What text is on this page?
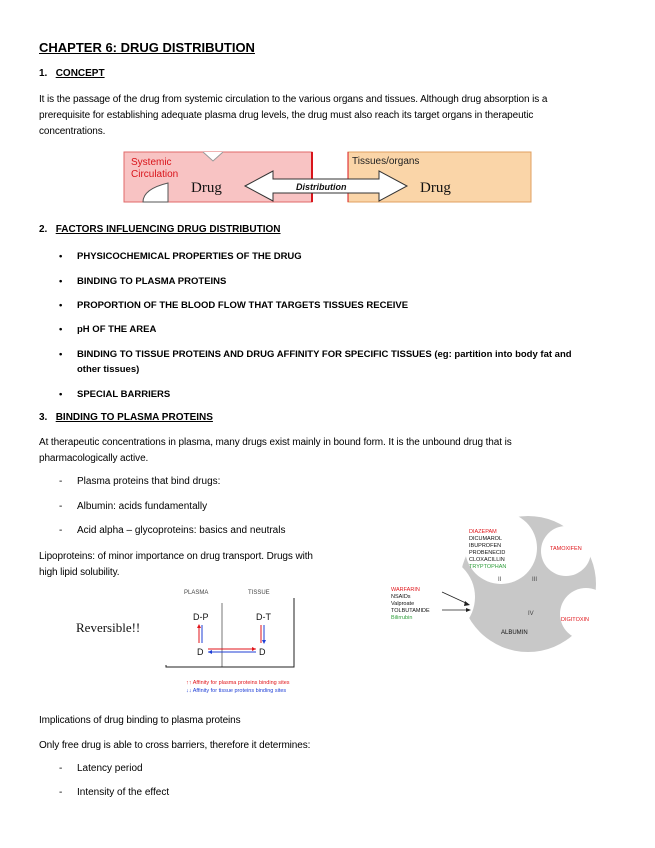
CHAPTER 6: DRUG DISTRIBUTION
1. CONCEPT
It is the passage of the drug from systemic circulation to the various organs and tissues. Although drug absorption is a
prerequisite for establishing adequate plasma drug levels, the drug must also reach its target organs in therapeutic
concentrations.
Systemic
Circulation
Drug
Tissues/organs
Drug
Distribution
2. FACTORS INFLUENCING DRUG DISTRIBUTION
• PHYSICOCHEMICAL PROPERTIES OF THE DRUG
• BINDING TO PLASMA PROTEINS
• PROPORTION OF THE BLOOD FLOW THAT TARGETS TISSUES RECEIVE
• pH OF THE AREA
• BINDING TO TISSUE PROTEINS AND DRUG AFFINITY FOR SPECIFIC TISSUES (eg: partition into body fat and
other tissues)
• SPECIAL BARRIERS
3. BINDING TO PLASMA PROTEINS
At therapeutic concentrations in plasma, many drugs exist mainly in bound form. It is the unbound drug that is
pharmacologically active.
- Plasma proteins that bind drugs:
- Albumin: acids fundamentally
- Acid alpha – glycoproteins: basics and neutrals
Lipoproteins: of minor importance on drug transport. Drugs with
high lipid solubility.
Reversible!!
PLASMA	TISSUE
D-P	D-T
D	D
↑↑ Affinity for plasma proteins binding sites
↓↓ Affinity for tissue proteins binding sites
DIAZEPAM
DICUMAROL
IBUPROFEN
PROBENECID
CLOXACILLIN
TRYPTOPHAN
TAMOXIFEN
DIGITOXIN
WARFARIN
NSAIDs
Valproate
TOLBUTAMIDE
Bilirrubin
II	III
IV
ALBUMIN
Implications of drug binding to plasma proteins
Only free drug is able to cross barriers, therefore it determines:
- Latency period
- Intensity of the effect
